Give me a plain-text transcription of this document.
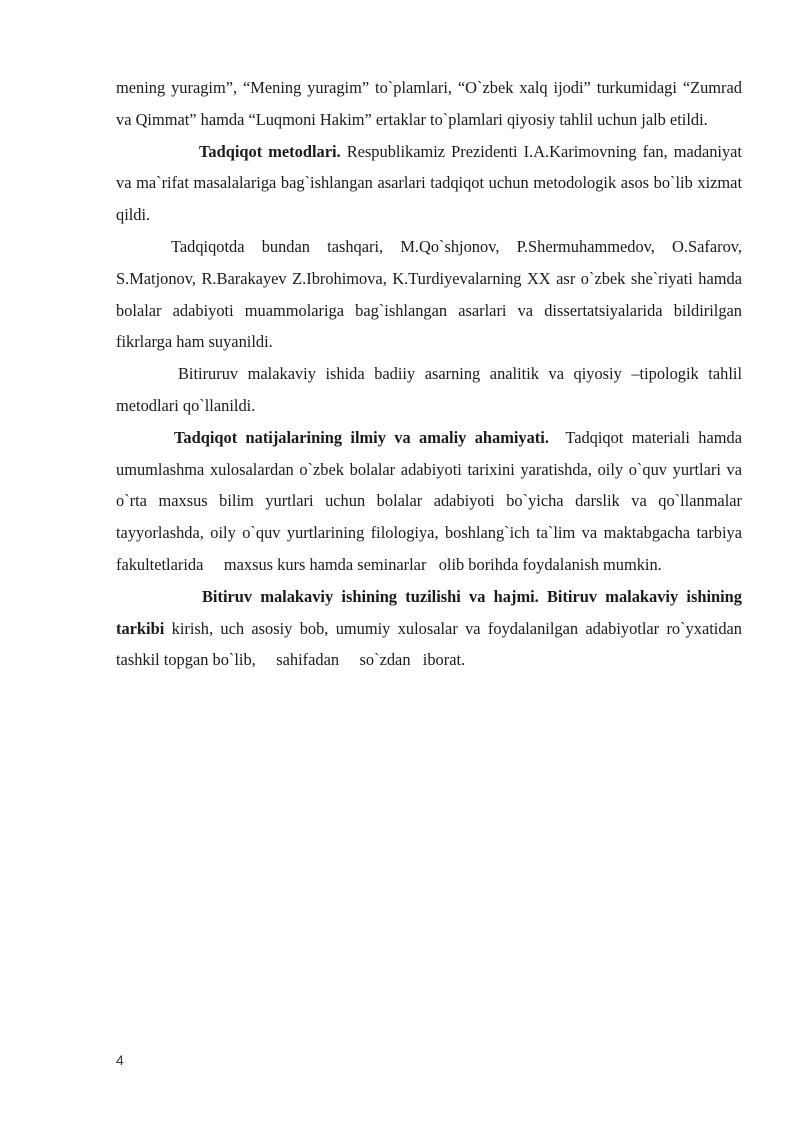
mening yuragim”, “Mening yuragim” to`plamlari, “O`zbek xalq ijodi” turkumidagi “Zumrad va Qimmat” hamda “Luqmoni Hakim” ertaklar to`plamlari qiyosiy tahlil uchun jalb etildi.

Tadqiqot metodlari. Respublikamiz Prezidenti I.A.Karimovning fan, madaniyat va ma`rifat masalalariga bag`ishlangan asarlari tadqiqot uchun metodologik asos bo`lib xizmat qildi.

Tadqiqotda bundan tashqari, M.Qo`shjonov, P.Shermuhammedov, O.Safarov, S.Matjonov, R.Barakayev Z.Ibrohimova, K.Turdiyevalarning XX asr o`zbek she`riyati hamda bolalar adabiyoti muammolariga bag`ishlangan asarlari va dissertatsiyalarida bildirilgan fikrlarga ham suyanildi.

Bitiruruv malakaviy ishida badiiy asarning analitik va qiyosiy –tipologik tahlil metodlari qo`llanildi.

Tadqiqot natijalarining ilmiy va amaliy ahamiyati.  Tadqiqot materiali hamda umumlashma xulosalardan o`zbek bolalar adabiyoti tarixini yaratishda, oily o`quv yurtlari va o`rta maxsus bilim yurtlari uchun bolalar adabiyoti bo`yicha darslik va qo`llanmalar tayyorlashda, oily o`quv yurtlarining filologiya, boshlang`ich ta`lim va maktabgacha tarbiya fakultetlarida     maxsus kurs hamda seminarlar   olib borihda foydalanish mumkin.

Bitiruv malakaviy ishining tuzilishi va hajmi. Bitiruv malakaviy ishining tarkibi kirish, uch asosiy bob, umumiy xulosalar va foydalanilgan adabiyotlar ro`yxatidan tashkil topgan bo`lib,     sahifadan     so`zdan   iborat.

4
